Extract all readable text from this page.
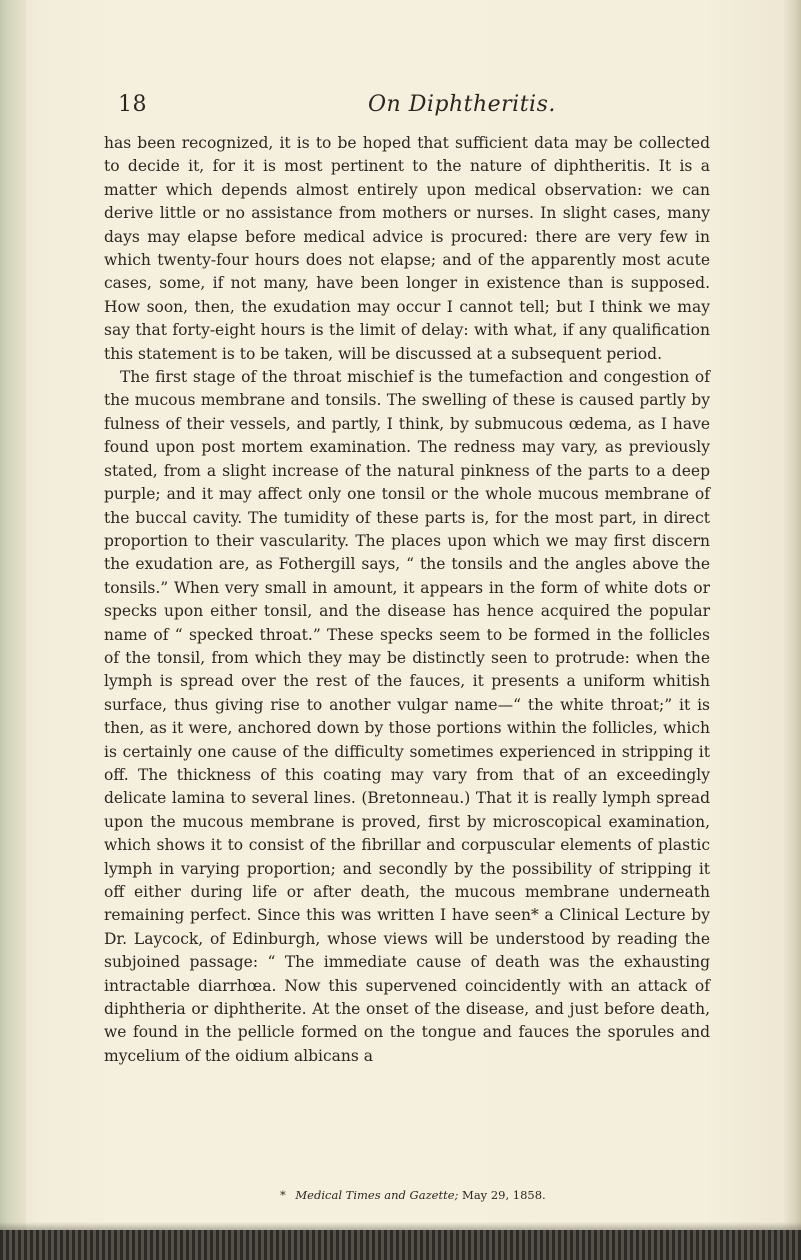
18	On Diphtheritis.

has been recognized, it is to be hoped that sufficient data may be collected to decide it, for it is most pertinent to the nature of diphtheritis. It is a matter which depends almost entirely upon medical observation: we can derive little or no assistance from mothers or nurses. In slight cases, many days may elapse before medical advice is procured: there are very few in which twenty-four hours does not elapse; and of the apparently most acute cases, some, if not many, have been longer in existence than is supposed. How soon, then, the exudation may occur I cannot tell; but I think we may say that forty-eight hours is the limit of delay: with what, if any qualification this statement is to be taken, will be discussed at a subsequent period.

The first stage of the throat mischief is the tumefaction and congestion of the mucous membrane and tonsils. The swelling of these is caused partly by fulness of their vessels, and partly, I think, by submucous œdema, as I have found upon post mortem examination. The redness may vary, as previously stated, from a slight increase of the natural pinkness of the parts to a deep purple; and it may affect only one tonsil or the whole mucous membrane of the buccal cavity. The tumidity of these parts is, for the most part, in direct proportion to their vascularity. The places upon which we may first discern the exudation are, as Fothergill says, “ the tonsils and the angles above the tonsils.” When very small in amount, it appears in the form of white dots or specks upon either tonsil, and the disease has hence acquired the popular name of “ specked throat.” These specks seem to be formed in the follicles of the tonsil, from which they may be distinctly seen to protrude: when the lymph is spread over the rest of the fauces, it presents a uniform whitish surface, thus giving rise to another vulgar name—“ the white throat;” it is then, as it were, anchored down by those portions within the follicles, which is certainly one cause of the difficulty sometimes experienced in stripping it off. The thickness of this coating may vary from that of an exceedingly delicate lamina to several lines. (Bretonneau.) That it is really lymph spread upon the mucous membrane is proved, first by microscopical examination, which shows it to consist of the fibrillar and corpuscular elements of plastic lymph in varying proportion; and secondly by the possibility of stripping it off either during life or after death, the mucous membrane underneath remaining perfect. Since this was written I have seen* a Clinical Lecture by Dr. Laycock, of Edinburgh, whose views will be understood by reading the subjoined passage: “ The immediate cause of death was the exhausting intractable diarrhœa. Now this supervened coincidently with an attack of diphtheria or diphtherite. At the onset of the disease, and just before death, we found in the pellicle formed on the tongue and fauces the sporules and mycelium of the oidium albicans a

* Medical Times and Gazette; May 29, 1858.
